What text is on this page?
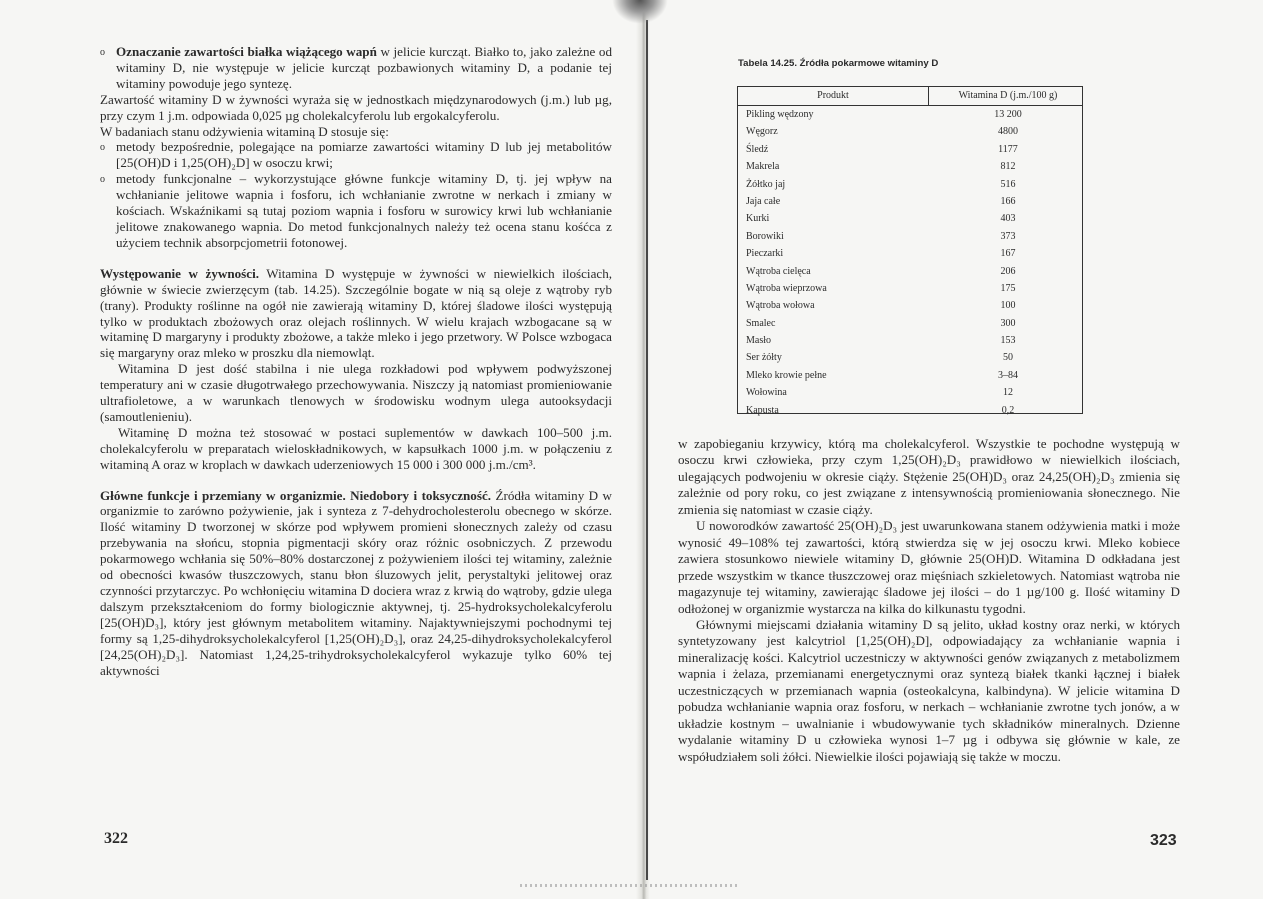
o Oznaczanie zawartości białka wiążącego wapń w jelicie kurcząt. Białko to, jako zależne od witaminy D, nie występuje w jelicie kurcząt pozbawionych witaminy D, a podanie tej witaminy powoduje jego syntezę.

Zawartość witaminy D w żywności wyraża się w jednostkach międzynarodowych (j.m.) lub µg, przy czym 1 j.m. odpowiada 0,025 µg cholekalcyferolu lub ergokalcyferolu.

W badaniach stanu odżywienia witaminą D stosuje się:

o metody bezpośrednie, polegające na pomiarze zawartości witaminy D lub jej metabolitów [25(OH)D i 1,25(OH)₂D] w osoczu krwi;
o metody funkcjonalne – wykorzystujące główne funkcje witaminy D, tj. jej wpływ na wchłanianie jelitowe wapnia i fosforu, ich wchłanianie zwrotne w nerkach i zmiany w kościach. Wskaźnikami są tutaj poziom wapnia i fosforu w surowicy krwi lub wchłanianie jelitowe znakowanego wapnia. Do metod funkcjonalnych należy też ocena stanu kośćca z użyciem technik absorpcjometrii fotonowej.

Występowanie w żywności. Witamina D występuje w żywności w niewielkich ilościach, głównie w świecie zwierzęcym (tab. 14.25). Szczególnie bogate w nią są oleje z wątroby ryb (trany). Produkty roślinne na ogół nie zawierają witaminy D, której śladowe ilości występują tylko w produktach zbożowych oraz olejach roślinnych. W wielu krajach wzbogacane są w witaminę D margaryny i produkty zbożowe, a także mleko i jego przetwory. W Polsce wzbogaca się margaryny oraz mleko w proszku dla niemowląt.

Witamina D jest dość stabilna i nie ulega rozkładowi pod wpływem podwyższonej temperatury ani w czasie długotrwałego przechowywania. Niszczy ją natomiast promieniowanie ultrafioletowe, a w warunkach tlenowych w środowisku wodnym ulega autooksydacji (samoutlenieniu).

Witaminę D można też stosować w postaci suplementów w dawkach 100–500 j.m. cholekalcyferolu w preparatach wieloskładnikowych, w kapsułkach 1000 j.m. w połączeniu z witaminą A oraz w kroplach w dawkach uderzeniowych 15 000 i 300 000 j.m./cm³.

Główne funkcje i przemiany w organizmie. Niedobory i toksyczność. Źródła witaminy D w organizmie to zarówno pożywienie, jak i synteza z 7-dehydrocholesterolu obecnego w skórze. Ilość witaminy D tworzonej w skórze pod wpływem promieni słonecznych zależy od czasu przebywania na słońcu, stopnia pigmentacji skóry oraz różnic osobniczych. Z przewodu pokarmowego wchłania się 50%–80% dostarczonej z pożywieniem ilości tej witaminy, zależnie od obecności kwasów tłuszczowych, stanu błon śluzowych jelit, perystaltyki jelitowej oraz czynności przytarczyc. Po wchłonięciu witamina D dociera wraz z krwią do wątroby, gdzie ulega dalszym przekształceniom do formy biologicznie aktywnej, tj. 25-hydroksycholekalcyferolu [25(OH)D₃], który jest głównym metabolitem witaminy. Najaktywniejszymi pochodnymi tej formy są 1,25-dihydroksycholekalcyferol [1,25(OH)₂D₃], oraz 24,25-dihydroksycholekalcyferol [24,25(OH)₂D₃]. Natomiast 1,24,25-trihydroksycholekalcyferol wykazuje tylko 60% tej aktywności

322
Tabela 14.25. Źródła pokarmowe witaminy D
Produkt	Witamina D (j.m./100 g)
Pikling wędzony	13 200
Węgorz	4800
Śledź	1177
Makrela	812
Żółtko jaj	516
Jaja całe	166
Kurki	403
Borowiki	373
Pieczarki	167
Wątroba cielęca	206
Wątroba wieprzowa	175
Wątroba wołowa	100
Smalec	300
Masło	153
Ser żółty	50
Mleko krowie pełne	3–84
Wołowina	12
Kapusta	0,2

w zapobieganiu krzywicy, którą ma cholekalcyferol. Wszystkie te pochodne występują w osoczu krwi człowieka, przy czym 1,25(OH)₂D₃ prawidłowo w niewielkich ilościach, ulegających podwojeniu w okresie ciąży. Stężenie 25(OH)D₃ oraz 24,25(OH)₂D₃ zmienia się zależnie od pory roku, co jest związane z intensywnością promieniowania słonecznego. Nie zmienia się natomiast w czasie ciąży.

U noworodków zawartość 25(OH)₂D₃ jest uwarunkowana stanem odżywienia matki i może wynosić 49–108% tej zawartości, którą stwierdza się w jej osoczu krwi. Mleko kobiece zawiera stosunkowo niewiele witaminy D, głównie 25(OH)D. Witamina D odkładana jest przede wszystkim w tkance tłuszczowej oraz mięśniach szkieletowych. Natomiast wątroba nie magazynuje tej witaminy, zawierając śladowe jej ilości – do 1 µg/100 g. Ilość witaminy D odłożonej w organizmie wystarcza na kilka do kilkunastu tygodni.

Głównymi miejscami działania witaminy D są jelito, układ kostny oraz nerki, w których syntetyzowany jest kalcytriol [1,25(OH)₂D], odpowiadający za wchłanianie wapnia i mineralizację kości. Kalcytriol uczestniczy w aktywności genów związanych z metabolizmem wapnia i żelaza, przemianami energetycznymi oraz syntezą białek tkanki łącznej i białek uczestniczących w przemianach wapnia (osteokalcyna, kalbindyna). W jelicie witamina D pobudza wchłanianie wapnia oraz fosforu, w nerkach – wchłanianie zwrotne tych jonów, a w układzie kostnym – uwalnianie i wbudowywanie tych składników mineralnych. Dzienne wydalanie witaminy D u człowieka wynosi 1–7 µg i odbywa się głównie w kale, ze współudziałem soli żółci. Niewielkie ilości pojawiają się także w moczu.

323
